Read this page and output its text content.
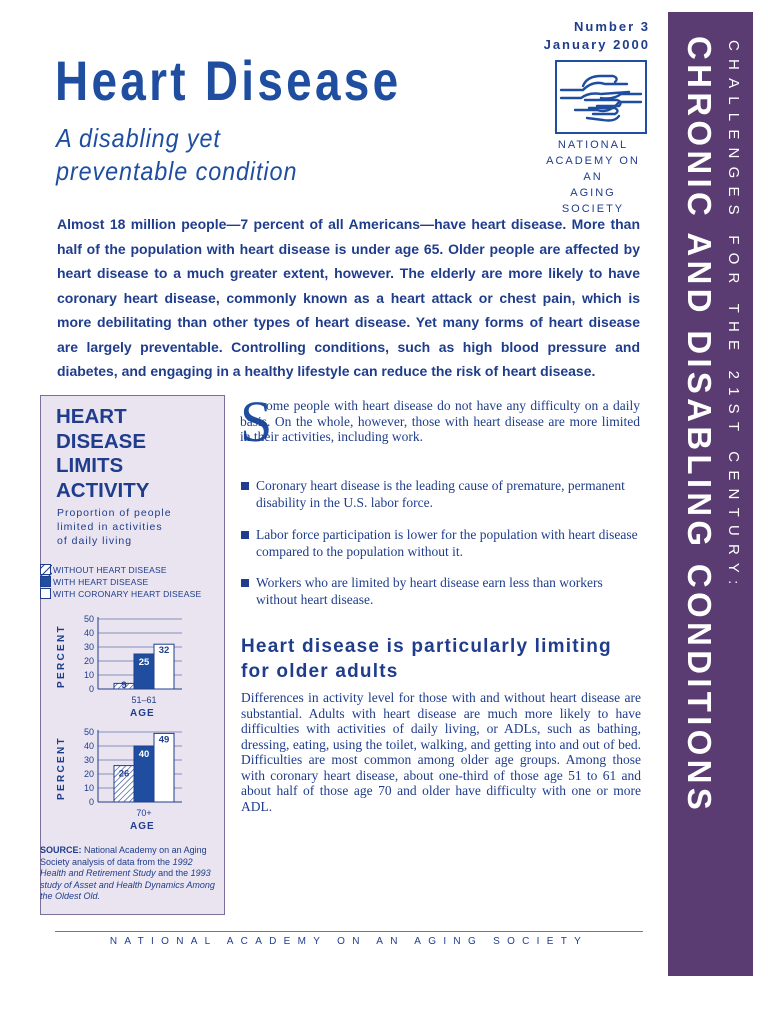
Heart Disease
A disabling yet
preventable condition
Number 3
January 2000
NATIONAL
ACADEMY ON AN
AGING SOCIETY	CHALLENGES FOR THE 21ST CENTURY:
CHRONIC AND DISABLING CONDITIONS
Almost 18 million people—7 percent of all Americans—have heart disease. More than half of the population with heart disease is under age 65. Older people are affected by heart disease to a much greater extent, however. The elderly are more likely to have coronary heart disease, commonly known as a heart attack or chest pain, which is more debilitating than other types of heart disease. Yet many forms of heart disease are largely preventable. Controlling conditions, such as high blood pressure and diabetes, and engaging in a healthy lifestyle can reduce the risk of heart disease.
HEART
DISEASE
LIMITS
ACTIVITY
Proportion of people
limited in activities
of daily living
WITHOUT HEART DISEASE
WITH HEART DISEASE
WITH CORONARY HEART DISEASE
PERCENT
0
10
20
30
40
50
25
32
9
51–61
AGE
PERCENT
0
10
20
30
40
50
26
40
49
70+
AGE
SOURCE: National Academy on an Aging Society analysis of data from the 1992 Health and Retirement Study and the 1993 study of Asset and Health Dynamics Among the Oldest Old.
S
ome people with heart disease do not have any difficulty on a daily basis. On the whole, however, those with heart disease are more limited in their activities, including work.
Coronary heart disease is the leading cause of premature, permanent disability in the U.S. labor force.
Labor force participation is lower for the population with heart disease compared to the population without it.
Workers who are limited by heart disease earn less than workers without heart disease.
Heart disease is particularly limiting for older adults
Differences in activity level for those with and without heart disease are substantial. Adults with heart disease are much more likely to have difficulties with activities of daily living, or ADLs, such as bathing, dressing, eating, using the toilet, walking, and getting into and out of bed. Difficulties are most common among older age groups. Among those with coronary heart disease, about one-third of those age 51 to 61 and about half of those age 70 and older have difficulty with one or more ADL.
NATIONAL ACADEMY ON AN AGING SOCIETY
